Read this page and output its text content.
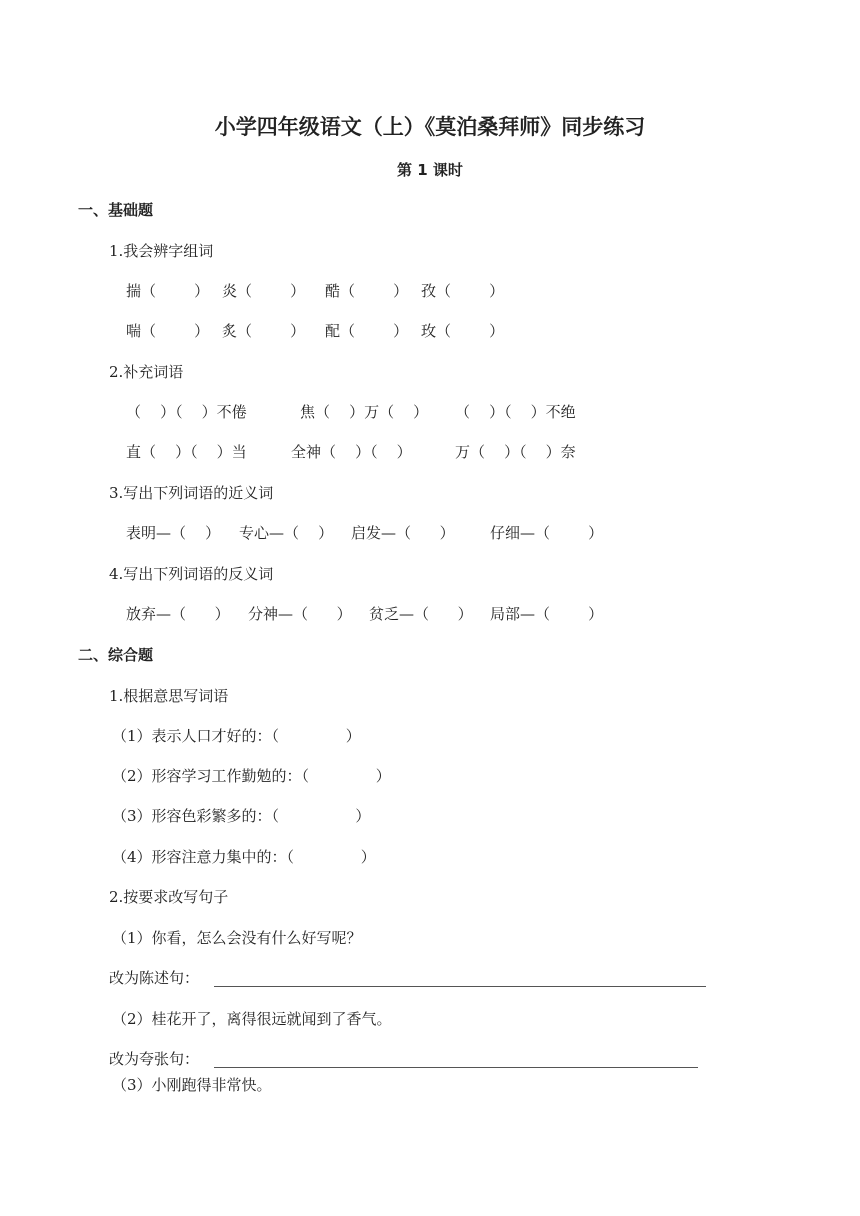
小学四年级语文（上）《莫泊桑拜师》同步练习
第 1 课时
一、基础题
1.我会辨字组词
揣（        ） 炎（        ） 酷（        ） 孜（        ）
喘（        ） 炙（        ） 配（        ） 玫（        ）
2.补充词语
（    ）（    ）不倦	焦（    ）万（    ） （    ）（    ）不绝
直（    ）（    ）当	全神（    ）（    ）	万（    ）（    ）奈
3.写出下列词语的近义词
表明—（    ） 专心—（    ） 启发—（      ） 仔细—（        ）
4.写出下列词语的反义词
放弃—（      ） 分神—（      ） 贫乏—（      ） 局部—（        ）
二、综合题
1.根据意思写词语
（1）表示人口才好的：（              ）
（2）形容学习工作勤勉的：（              ）
（3）形容色彩繁多的：（                ）
（4）形容注意力集中的：（              ）
2.按要求改写句子
（1）你看，怎么会没有什么好写呢？
改为陈述句：
（2）桂花开了，离得很远就闻到了香气。
改为夸张句：
（3）小刚跑得非常快。
